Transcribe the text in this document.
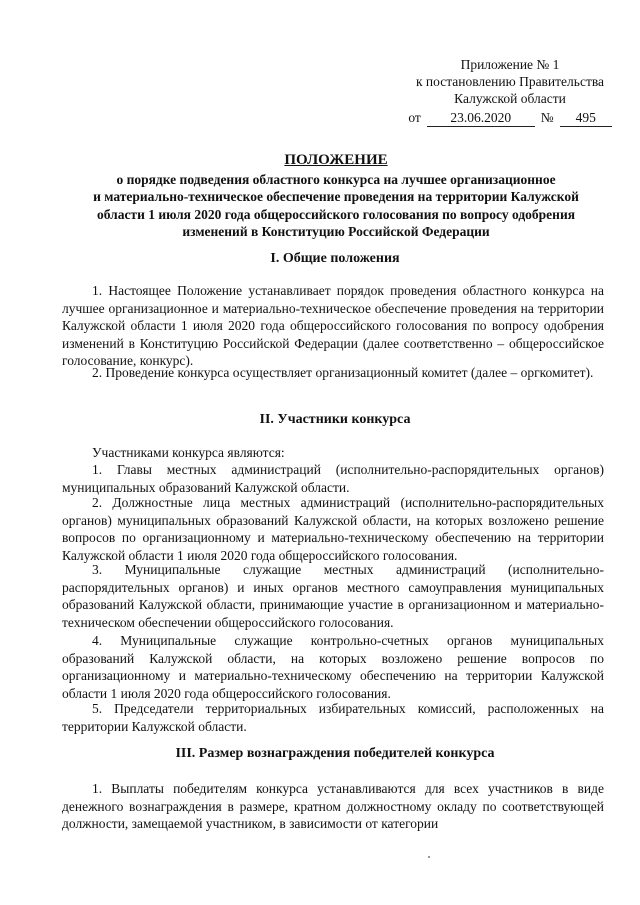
Приложение № 1
к постановлению Правительства
Калужской области
от	23.06.2020	№	495
ПОЛОЖЕНИЕ
о порядке подведения областного конкурса на лучшее организационное
и материально-техническое обеспечение проведения на территории Калужской
области 1 июля 2020 года общероссийского голосования по вопросу одобрения
изменений в Конституцию Российской Федерации
I. Общие положения
1. Настоящее Положение устанавливает порядок проведения областного конкурса на лучшее организационное и материально-техническое обеспечение проведения на территории Калужской области 1 июля 2020 года общероссийского голосования по вопросу одобрения изменений в Конституцию Российской Федерации (далее соответственно – общероссийское голосование, конкурс).
2. Проведение конкурса осуществляет организационный комитет (далее – оргкомитет).
II. Участники конкурса
Участниками конкурса являются:
1. Главы местных администраций (исполнительно-распорядительных органов) муниципальных образований Калужской области.
2. Должностные лица местных администраций (исполнительно-распорядительных органов) муниципальных образований Калужской области, на которых возложено решение вопросов по организационному и материально-техническому обеспечению на территории Калужской области 1 июля 2020 года общероссийского голосования.
3. Муниципальные служащие местных администраций (исполнительно-распорядительных органов) и иных органов местного самоуправления муниципальных образований Калужской области, принимающие участие в организационном и материально-техническом обеспечении общероссийского голосования.
4. Муниципальные служащие контрольно-счетных органов муниципальных образований Калужской области, на которых возложено решение вопросов по организационному и материально-техническому обеспечению на территории Калужской области 1 июля 2020 года общероссийского голосования.
5. Председатели территориальных избирательных комиссий, расположенных на территории Калужской области.
III. Размер вознаграждения победителей конкурса
1. Выплаты победителям конкурса устанавливаются для всех участников в виде денежного вознаграждения в размере, кратном должностному окладу по соответствующей должности, замещаемой участником, в зависимости от категории
